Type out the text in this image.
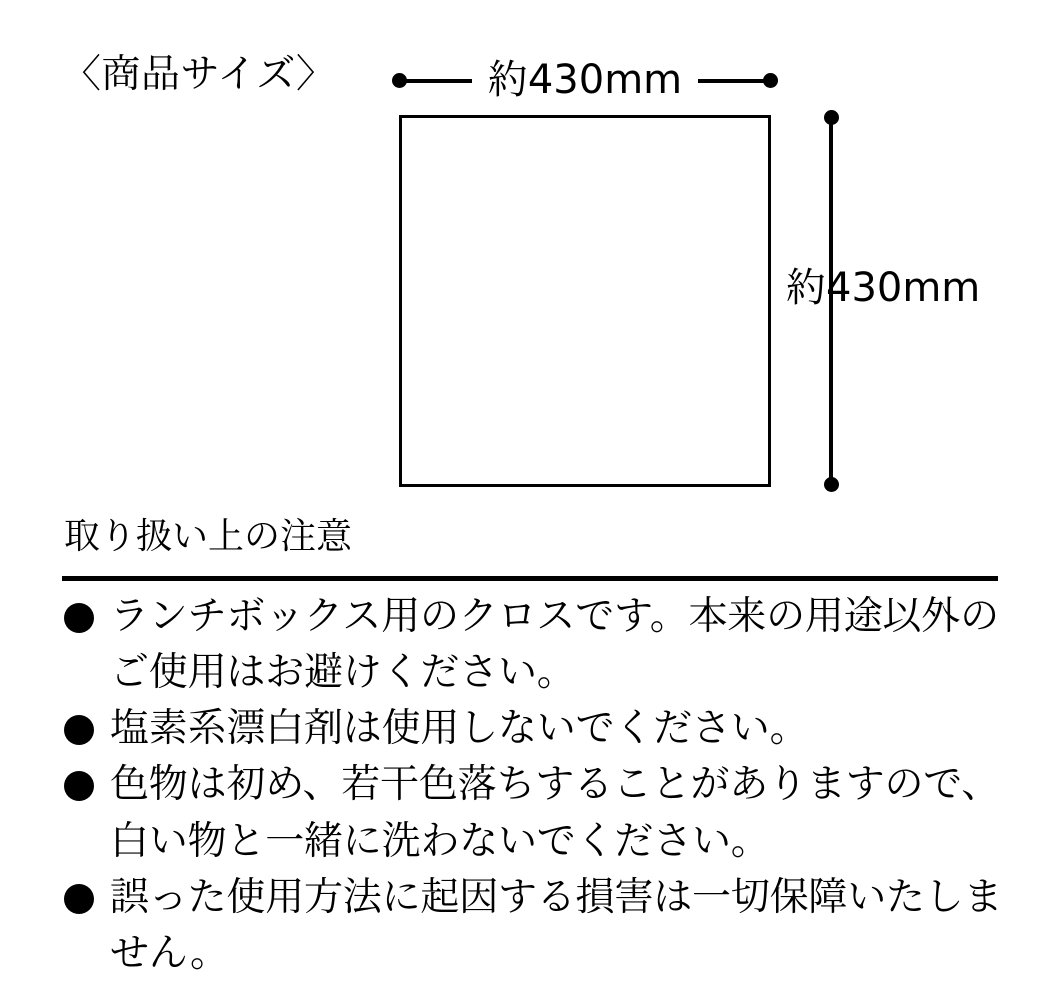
〈商品サイズ〉	約430mm
約430mm
取り扱い上の注意
ランチボックス用のクロスです。本来の用途以外のご使用はお避けください。
塩素系漂白剤は使用しないでください。
色物は初め、若干色落ちすることがありますので、白い物と一緒に洗わないでください。
誤った使用方法に起因する損害は一切保障いたしません。
